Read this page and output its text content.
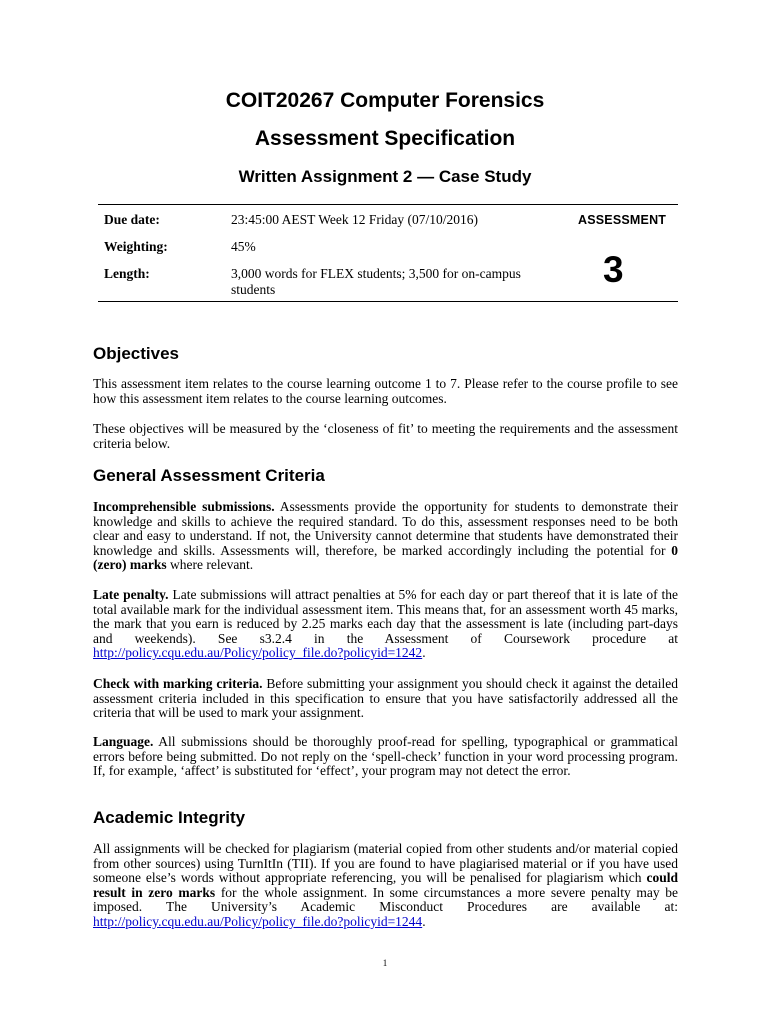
COIT20267 Computer Forensics
Assessment Specification
Written Assignment 2 — Case Study
Due date:	23:45:00 AEST Week 12 Friday (07/10/2016)
Weighting:	45%
Length:	3,000 words for FLEX students; 3,500 for on-campus students
ASSESSMENT
3
Objectives
This assessment item relates to the course learning outcome 1 to 7. Please refer to the course profile to see how this assessment item relates to the course learning outcomes.
These objectives will be measured by the ‘closeness of fit’ to meeting the requirements and the assessment criteria below.
General Assessment Criteria
Incomprehensible submissions. Assessments provide the opportunity for students to demonstrate their knowledge and skills to achieve the required standard. To do this, assessment responses need to be both clear and easy to understand. If not, the University cannot determine that students have demonstrated their knowledge and skills. Assessments will, therefore, be marked accordingly including the potential for 0 (zero) marks where relevant.
Late penalty. Late submissions will attract penalties at 5% for each day or part thereof that it is late of the total available mark for the individual assessment item. This means that, for an assessment worth 45 marks, the mark that you earn is reduced by 2.25 marks each day that the assessment is late (including part-days and weekends). See s3.2.4 in the Assessment of Coursework procedure at http://policy.cqu.edu.au/Policy/policy_file.do?policyid=1242.
Check with marking criteria. Before submitting your assignment you should check it against the detailed assessment criteria included in this specification to ensure that you have satisfactorily addressed all the criteria that will be used to mark your assignment.
Language. All submissions should be thoroughly proof-read for spelling, typographical or grammatical errors before being submitted. Do not reply on the ‘spell-check’ function in your word processing program. If, for example, ‘affect’ is substituted for ‘effect’, your program may not detect the error.
Academic Integrity
All assignments will be checked for plagiarism (material copied from other students and/or material copied from other sources) using TurnItIn (TII). If you are found to have plagiarised material or if you have used someone else’s words without appropriate referencing, you will be penalised for plagiarism which could result in zero marks for the whole assignment. In some circumstances a more severe penalty may be imposed. The University’s Academic Misconduct Procedures are available at: http://policy.cqu.edu.au/Policy/policy_file.do?policyid=1244.
1
